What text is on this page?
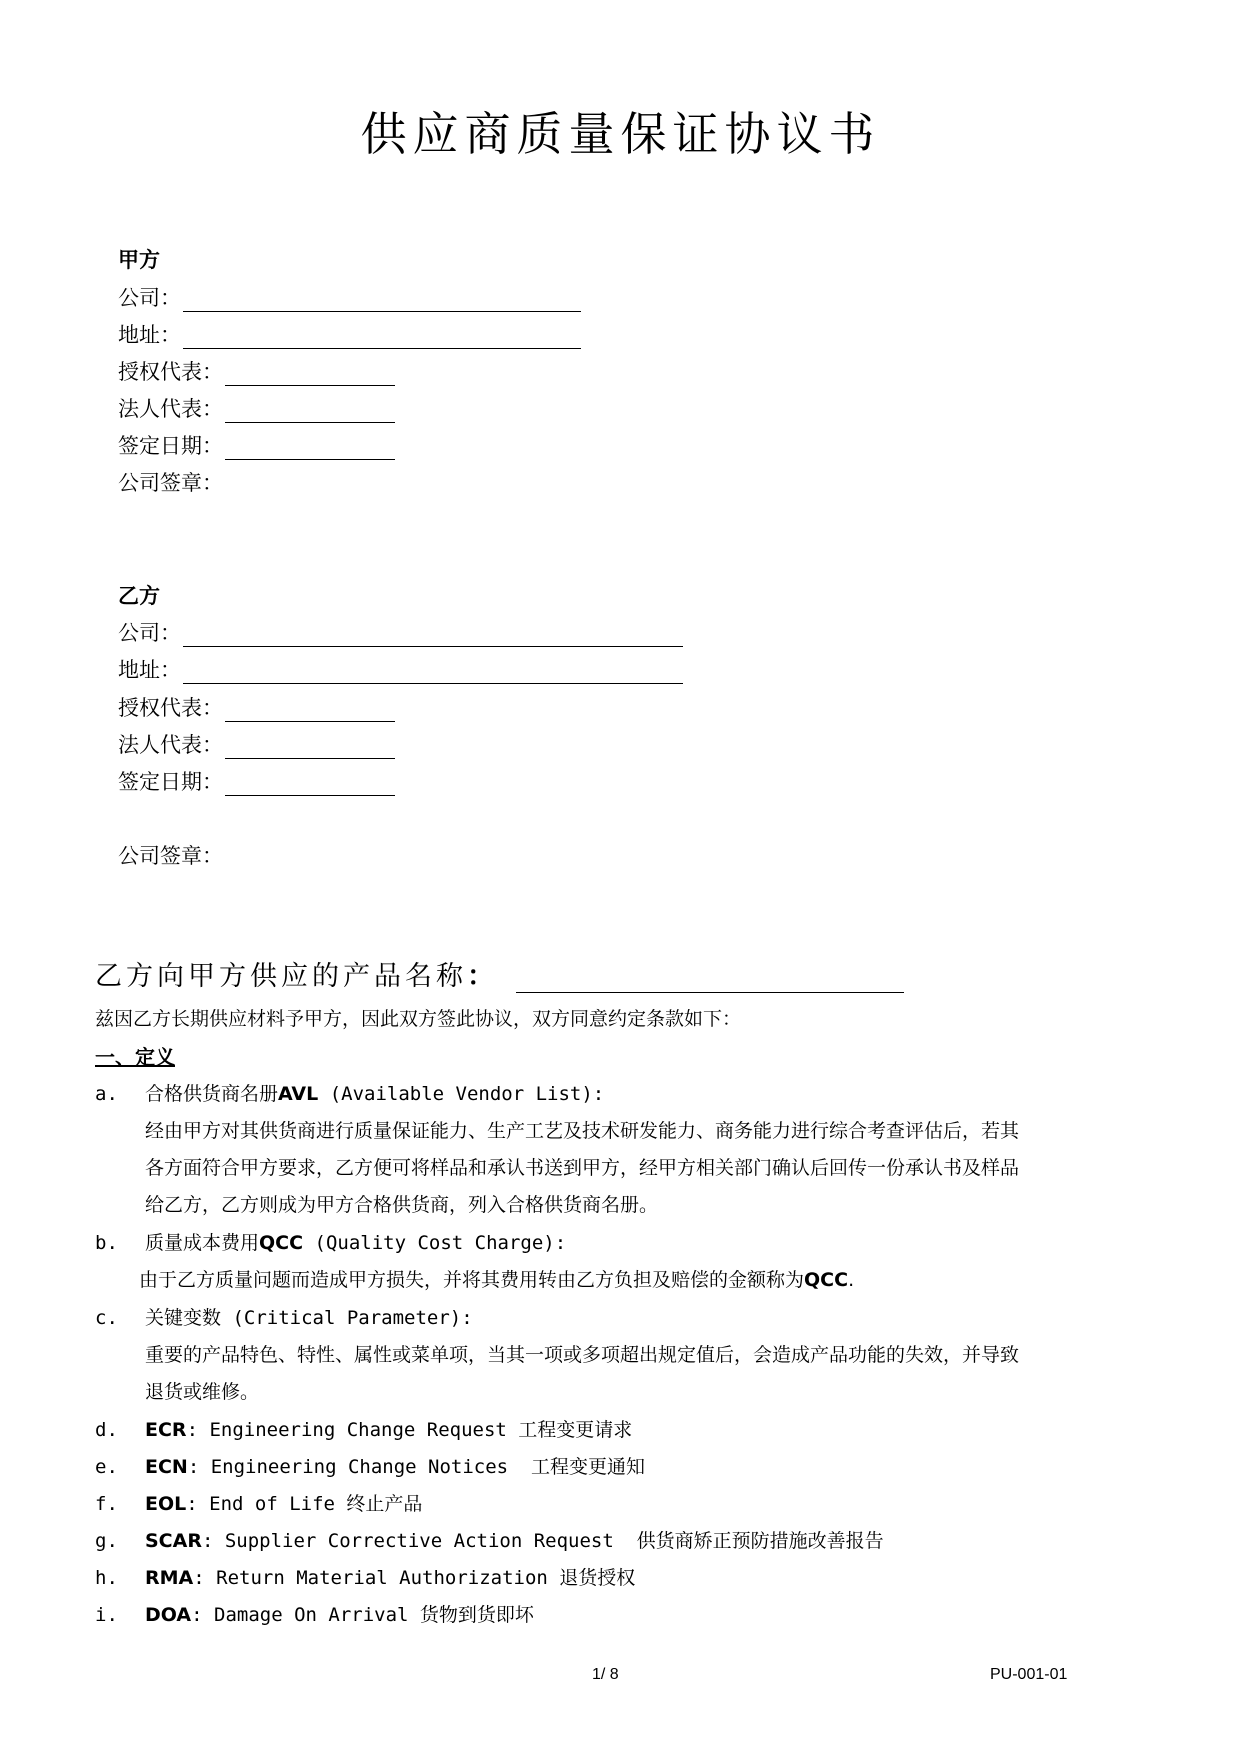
供应商质量保证协议书
甲方
公司：
地址：
授权代表：
法人代表：
签定日期：
公司签章：
乙方
公司：
地址：
授权代表：
法人代表：
签定日期：
公司签章：
乙方向甲方供应的产品名称 ：
兹因乙方长期供应材料予甲方，因此双方签此协议，双方同意约定条款如下：
一、定义
a. 合格供货商名册AVL (Available Vendor List):
经由甲方对其供货商进行质量保证能力、生产工艺及技术研发能力、商务能力进行综合考查评估后，若其
各方面符合甲方要求，乙方便可将样品和承认书送到甲方，经甲方相关部门确认后回传一份承认书及样品
给乙方，乙方则成为甲方合格供货商，列入合格供货商名册。
b. 质量成本费用QCC (Quality Cost Charge):
由于乙方质量问题而造成甲方损失，并将其费用转由乙方负担及赔偿的金额称为QCC.
c. 关键变数 (Critical Parameter):
重要的产品特色、特性、属性或菜单项，当其一项或多项超出规定值后，会造成产品功能的失效，并导致
退货或维修。
d. ECR: Engineering Change Request 工程变更请求
e. ECN: Engineering Change Notices  工程变更通知
f. EOL: End of Life 终止产品
g. SCAR: Supplier Corrective Action Request  供货商矫正预防措施改善报告
h. RMA: Return Material Authorization 退货授权
i. DOA: Damage On Arrival 货物到货即坏
1/ 8	PU-001-01
